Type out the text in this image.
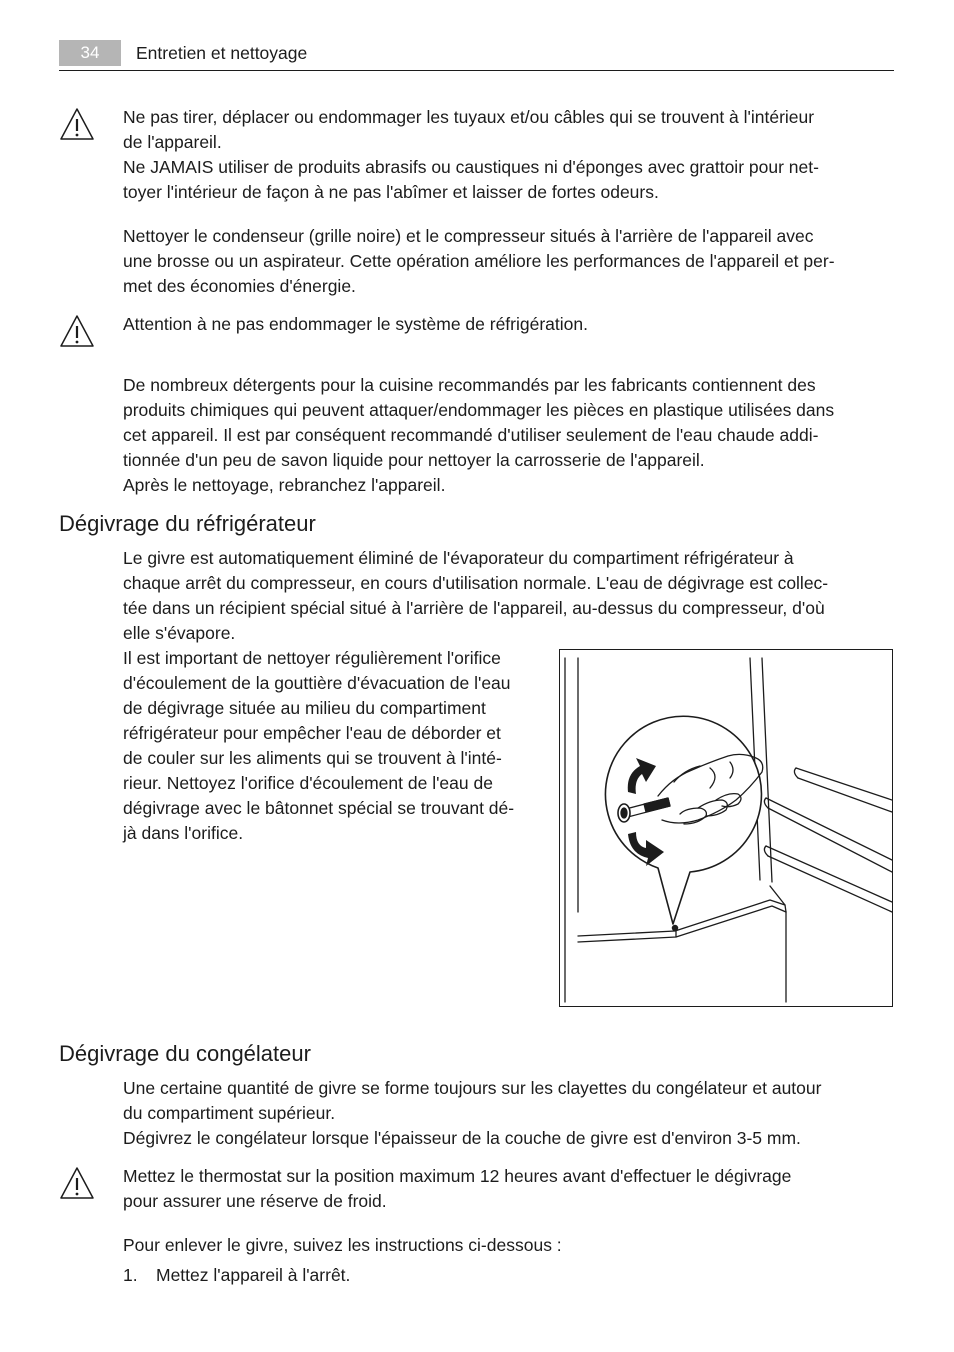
34	Entretien et nettoyage
Ne pas tirer, déplacer ou endommager les tuyaux et/ou câbles qui se trouvent à l'intérieur
de l'appareil.
Ne JAMAIS utiliser de produits abrasifs ou caustiques ni d'éponges avec grattoir pour net-
toyer l'intérieur de façon à ne pas l'abîmer et laisser de fortes odeurs.
Nettoyer le condenseur (grille noire) et le compresseur situés à l'arrière de l'appareil avec
une brosse ou un aspirateur. Cette opération améliore les performances de l'appareil et per-
met des économies d'énergie.
Attention à ne pas endommager le système de réfrigération.
De nombreux détergents pour la cuisine recommandés par les fabricants contiennent des
produits chimiques qui peuvent attaquer/endommager les pièces en plastique utilisées dans
cet appareil. Il est par conséquent recommandé d'utiliser seulement de l'eau chaude addi-
tionnée d'un peu de savon liquide pour nettoyer la carrosserie de l'appareil.
Après le nettoyage, rebranchez l'appareil.
Dégivrage du réfrigérateur
Le givre est automatiquement éliminé de l'évaporateur du compartiment réfrigérateur à
chaque arrêt du compresseur, en cours d'utilisation normale. L'eau de dégivrage est collec-
tée dans un récipient spécial situé à l'arrière de l'appareil, au-dessus du compresseur, d'où
elle s'évapore.
Il est important de nettoyer régulièrement l'orifice
d'écoulement de la gouttière d'évacuation de l'eau
de dégivrage située au milieu du compartiment
réfrigérateur pour empêcher l'eau de déborder et
de couler sur les aliments qui se trouvent à l'inté-
rieur. Nettoyez l'orifice d'écoulement de l'eau de
dégivrage avec le bâtonnet spécial se trouvant dé-
jà dans l'orifice.
Dégivrage du congélateur
Une certaine quantité de givre se forme toujours sur les clayettes du congélateur et autour
du compartiment supérieur.
Dégivrez le congélateur lorsque l'épaisseur de la couche de givre est d'environ 3-5 mm.
Mettez le thermostat sur la position maximum 12 heures avant d'effectuer le dégivrage
pour assurer une réserve de froid.
Pour enlever le givre, suivez les instructions ci-dessous :
1. Mettez l'appareil à l'arrêt.
